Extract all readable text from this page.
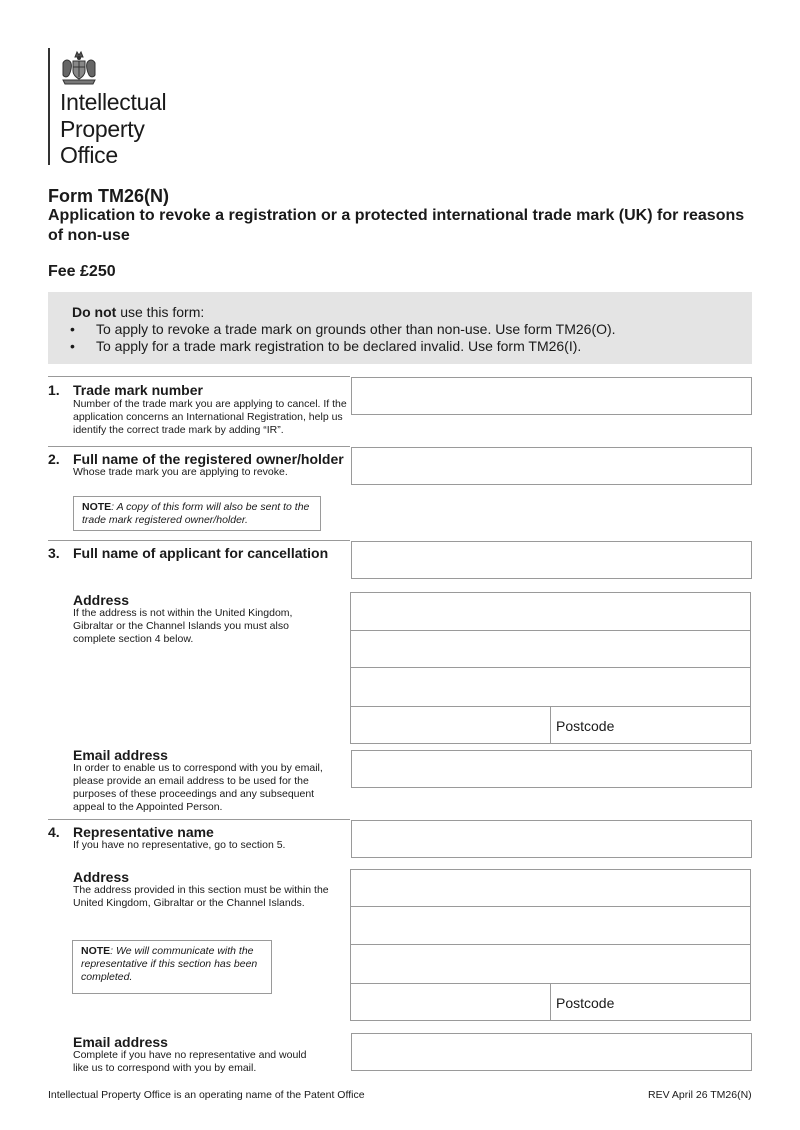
Intellectual
Property
Office
Form TM26(N)
Application to revoke a registration or a protected international trade mark (UK) for reasons of non-use
Fee £250
Do not use this form:
• To apply to revoke a trade mark on grounds other than non-use. Use form TM26(O).
• To apply for a trade mark registration to be declared invalid. Use form TM26(I).
1. Trade mark number
Number of the trade mark you are applying to cancel. If the application concerns an International Registration, help us identify the correct trade mark by adding “IR”.
2. Full name of the registered owner/holder
Whose trade mark you are applying to revoke.
NOTE: A copy of this form will also be sent to the trade mark registered owner/holder.
3. Full name of applicant for cancellation
Address
If the address is not within the United Kingdom, Gibraltar or the Channel Islands you must also complete section 4 below.
Postcode
Email address
In order to enable us to correspond with you by email, please provide an email address to be used for the purposes of these proceedings and any subsequent appeal to the Appointed Person.
4. Representative name
If you have no representative, go to section 5.
Address
The address provided in this section must be within the United Kingdom, Gibraltar or the Channel Islands.
Postcode
NOTE: We will communicate with the representative if this section has been completed.
Email address
Complete if you have no representative and would like us to correspond with you by email.
Intellectual Property Office is an operating name of the Patent Office	REV April 26 TM26(N)
